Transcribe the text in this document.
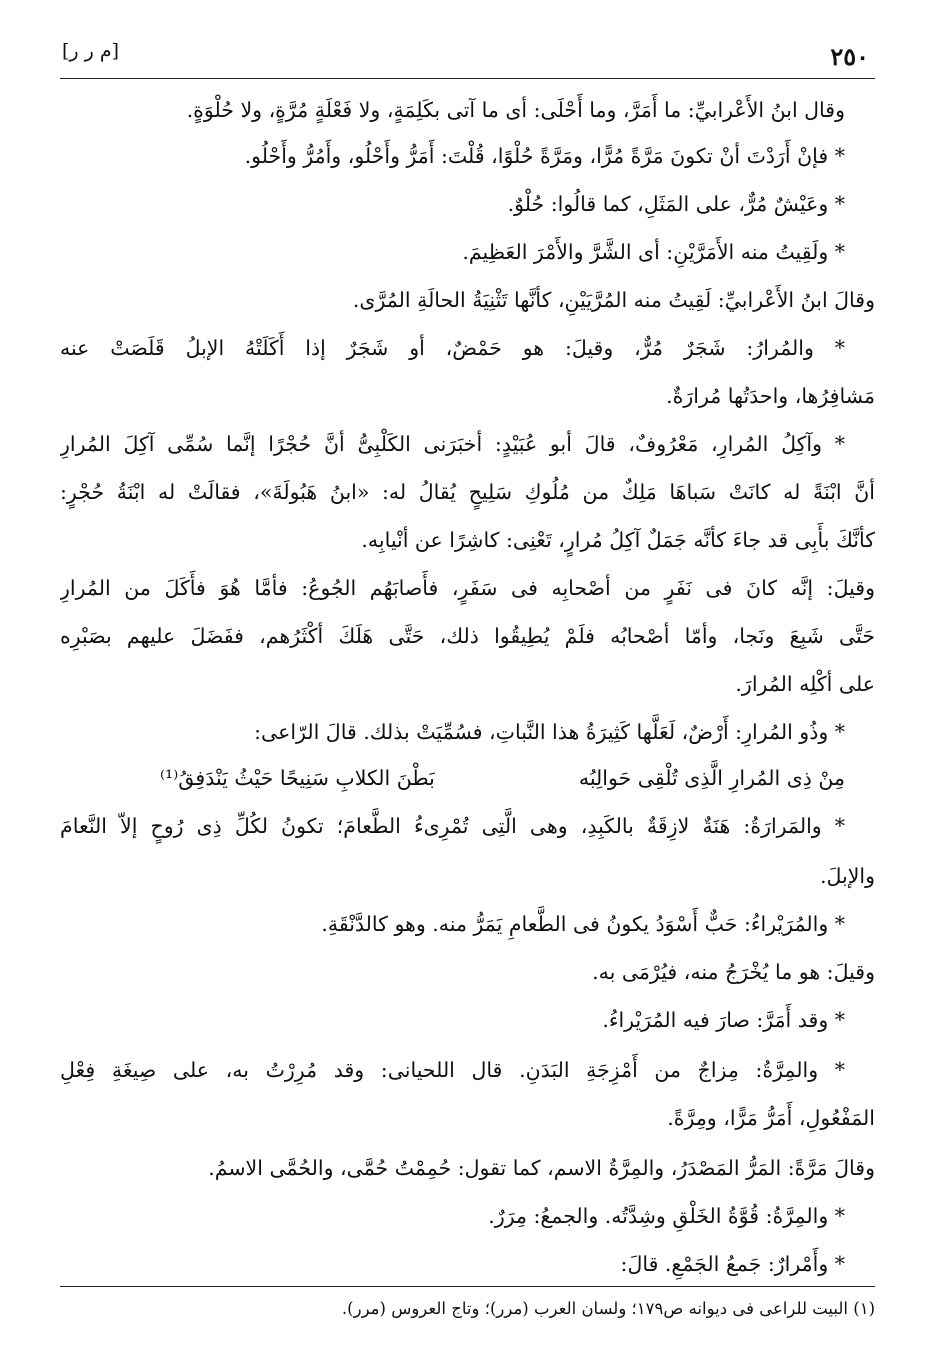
٢٥٠
[م ر ر]
وقال ابنُ الأَعْرابيِّ: ما أَمَرَّ، وما أَحْلَى: أى ما آتى بكَلِمَةٍ، ولا فَعْلَةٍ مُرَّةٍ، ولا حُلْوَةٍ.
* فإنْ أَرَدْتَ أنْ تكونَ مَرَّةً مُرًّا، ومَرَّةً حُلْوًا، قُلْتَ: أَمَرُّ وأَحْلُو، وأَمُرُّ وأَحْلُو.
* وعَيْشٌ مُرٌّ، على المَثَلِ، كما قالُوا: حُلْوٌ.
* ولَقِيتُ منه الأَمَرَّيْنِ: أى الشَّرَّ والأَمْرَ العَظِيمَ.
وقالَ ابنُ الأَعْرابيِّ: لَقِيتُ منه المُرَّيَيْنِ، كأنَّها تَثْنِيَةُ الحالَةِ المُرَّى.
* والمُرارُ: شَجَرٌ مُرٌّ، وقيلَ: هو حَمْضٌ، أو شَجَرٌ إذا أَكَلَتْهُ الإبلُ قَلَصَتْ عنه
مَشافِرُها، واحدَتُها مُرارَةٌ.
* وآكِلُ المُرارِ، مَعْرُوفٌ، قالَ أبو عُبَيْدٍ: أخبَرَنى الكَلْبِىُّ أنَّ حُجْرًا إنَّما سُمِّى آكِلَ المُرارِ
أنَّ ابْنَةً له كانَتْ سَباهَا مَلِكٌ من مُلُوكِ سَلِيحٍ يُقالُ له: «ابنُ هَبُولَةَ»، فقالَتْ له ابْنَةُ حُجْرٍ:
كأنَّكَ بأَبِى قد جاءَ كأنَّه جَمَلٌ آكِلُ مُرارٍ، تَعْنِى: كاشِرًا عن أنْيابِه.
وقيلَ: إنَّه كانَ فى نَفَرٍ من أصْحابِه فى سَفَرٍ، فأَصابَهُم الجُوعُ: فأمَّا هُوَ فأَكَلَ من المُرارِ
حَتَّى شَبِعَ ونَجا، وأمّا أصْحابُه فلَمْ يُطِيقُوا ذلك، حَتَّى هَلَكَ أكْثَرُهم، ففَضَلَ عليهم بصَبْرِه
على أكْلِه المُرارَ.
* وذُو المُرارِ: أَرْضٌ، لَعَلَّها كَثِيرَةُ هذا النَّباتِ، فسُمِّيَتْ بذلك. قالَ الرّاعى:
مِنْ ذِى المُرارِ الَّذِى تُلْقِى حَوالِبُه
بَطْنَ الكلابِ سَنِيحًا حَيْثُ يَنْدَفِقُ⁽¹⁾
* والمَرارَةُ: هَنَةٌ لازِقَةٌ بالكَبِدِ، وهى الَّتِى تُمْرِىءُ الطَّعامَ؛ تكونُ لكُلِّ ذِى رُوحٍ إلاّ النَّعامَ
والإبلَ.
* والمُرَيْراءُ: حَبٌّ أَسْوَدُ يكونُ فى الطَّعامِ يَمَرُّ منه. وهو كالدَّنْقَةِ.
وقيلَ: هو ما يُخْرَجُ منه، فيُرْمَى به.
* وقد أَمَرَّ: صارَ فيه المُرَيْراءُ.
* والمِرَّةُ: مِزاجٌ من أَمْزِجَةِ البَدَنِ. قال اللحيانى: وقد مُرِرْتُ به، على صِيغَةِ فِعْلِ
المَفْعُولِ، أَمَرُّ مَرًّا، ومِرَّةً.
وقالَ مَرَّةً: المَرُّ المَصْدَرُ، والمِرَّةُ الاسم، كما تقول: حُمِمْتُ حُمَّى، والحُمَّى الاسمُ.
* والمِرَّةُ: قُوَّةُ الخَلْقِ وشِدَّتُه. والجمعُ: مِرَرٌ.
* وأَمْرارٌ: جَمعُ الجَمْعِ. قالَ:
(١) البيت للراعى فى ديوانه ص١٧٩؛ ولسان العرب (مرر)؛ وتاج العروس (مرر).
